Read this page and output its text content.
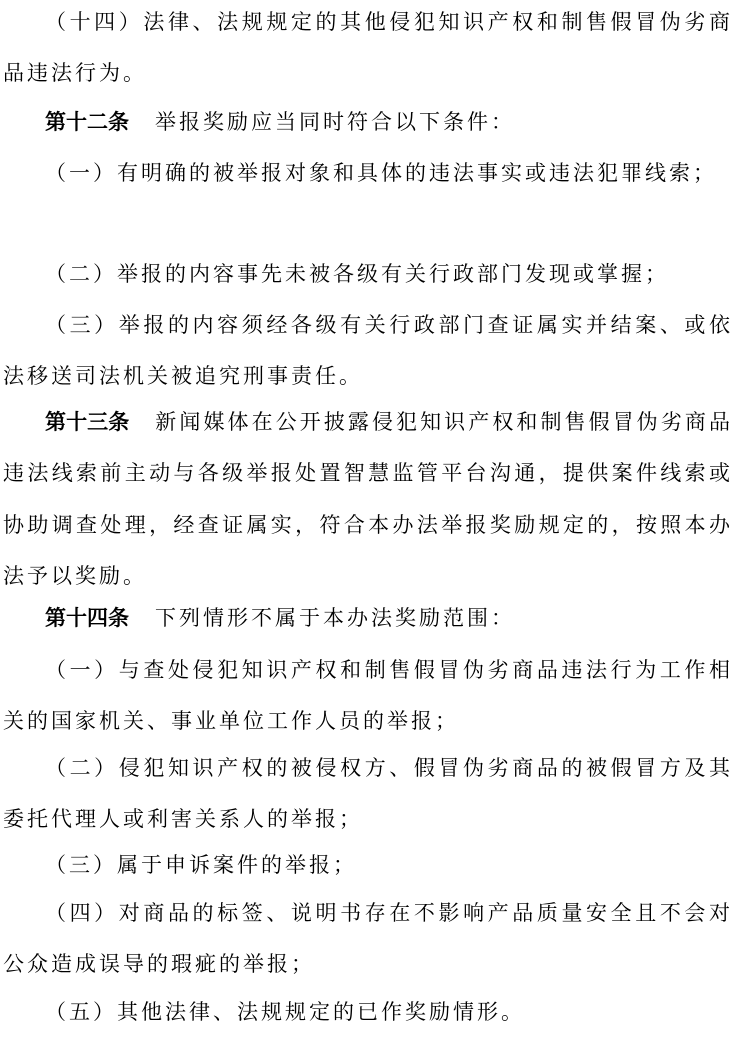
（十四）法律、法规规定的其他侵犯知识产权和制售假冒伪劣商品违法行为。

第十二条 举报奖励应当同时符合以下条件：

（一）有明确的被举报对象和具体的违法事实或违法犯罪线索；

（二）举报的内容事先未被各级有关行政部门发现或掌握；

（三）举报的内容须经各级有关行政部门查证属实并结案、或依法移送司法机关被追究刑事责任。

第十三条 新闻媒体在公开披露侵犯知识产权和制售假冒伪劣商品违法线索前主动与各级举报处置智慧监管平台沟通，提供案件线索或协助调查处理，经查证属实，符合本办法举报奖励规定的，按照本办法予以奖励。

第十四条 下列情形不属于本办法奖励范围：

（一）与查处侵犯知识产权和制售假冒伪劣商品违法行为工作相关的国家机关、事业单位工作人员的举报；

（二）侵犯知识产权的被侵权方、假冒伪劣商品的被假冒方及其委托代理人或利害关系人的举报；

（三）属于申诉案件的举报；

（四）对商品的标签、说明书存在不影响产品质量安全且不会对公众造成误导的瑕疵的举报；

（五）其他法律、法规规定的已作奖励情形。
